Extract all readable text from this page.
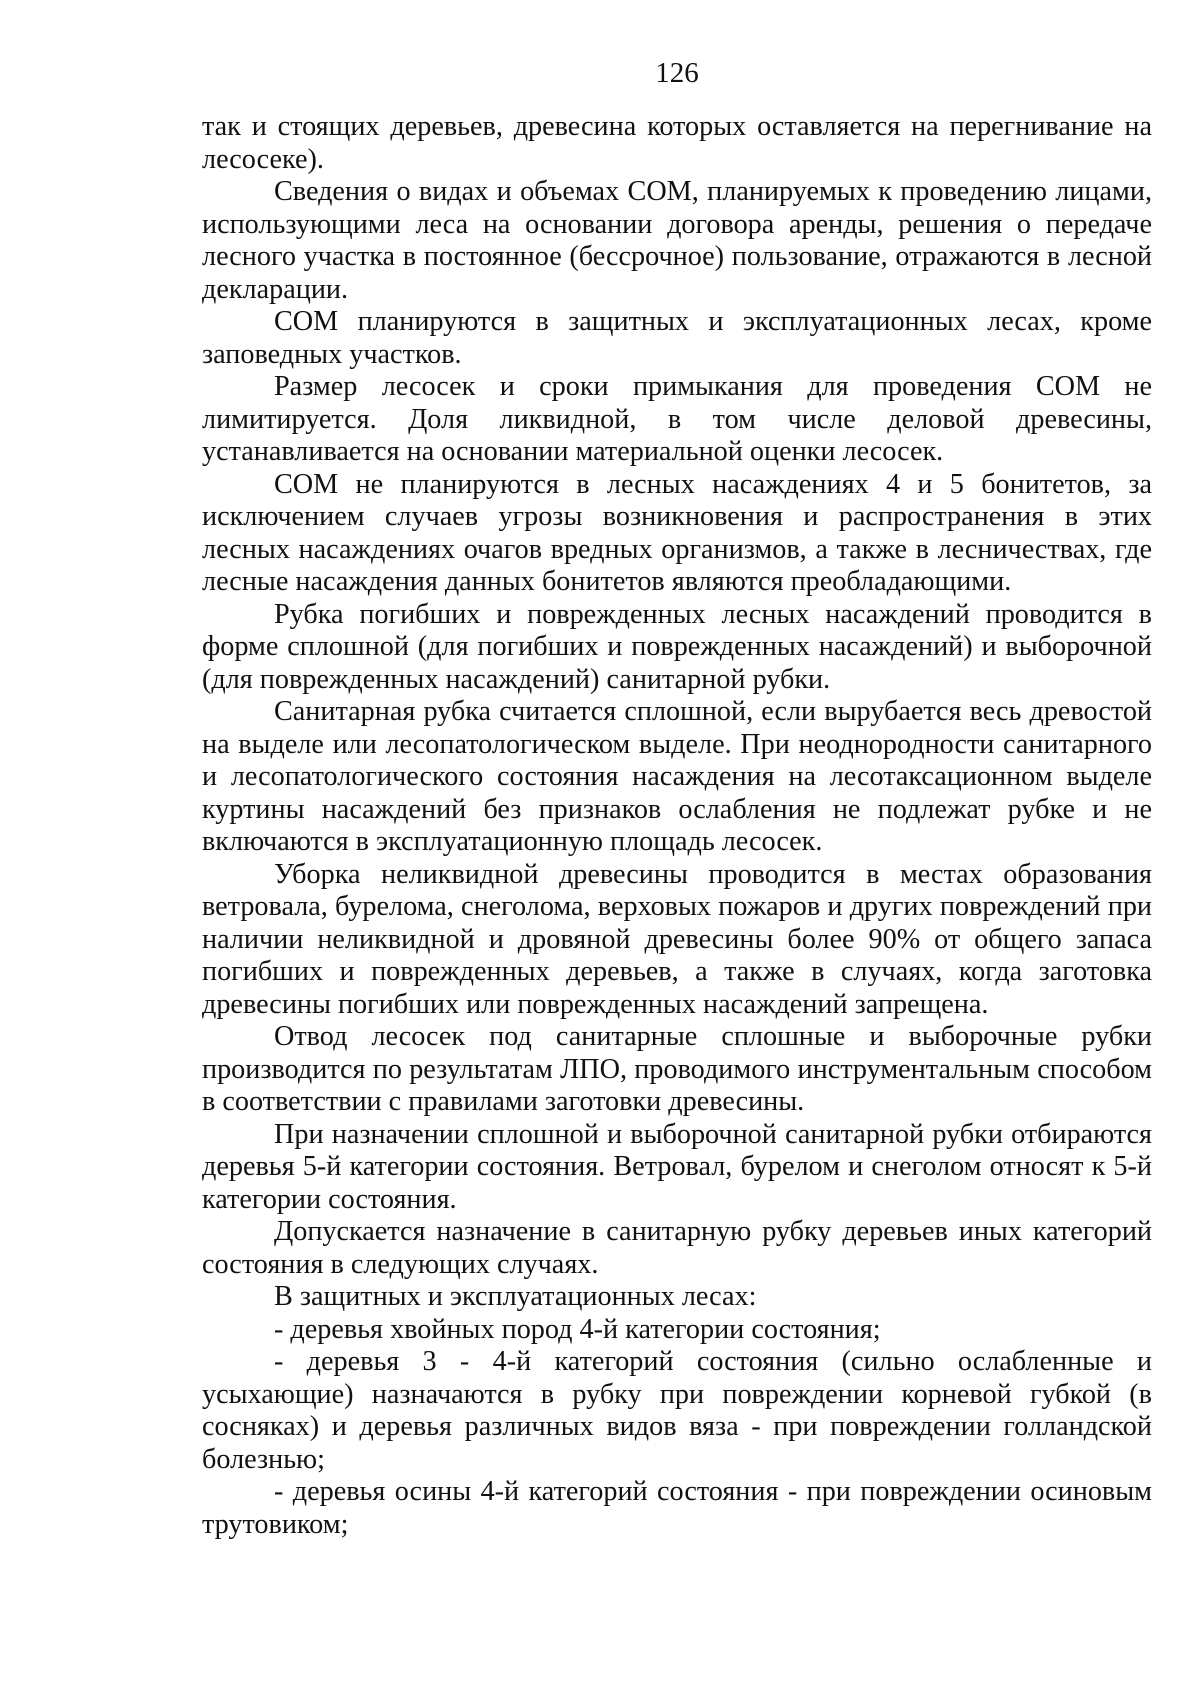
126

так и стоящих деревьев, древесина которых оставляется на перегнивание на лесосеке).

Сведения о видах и объемах СОМ, планируемых к проведению лицами, использующими леса на основании договора аренды, решения о передаче лесного участка в постоянное (бессрочное) пользование, отражаются в лесной декларации.

СОМ планируются в защитных и эксплуатационных лесах, кроме заповедных участков.

Размер лесосек и сроки примыкания для проведения СОМ не лимитируется. Доля ликвидной, в том числе деловой древесины, устанавливается на основании материальной оценки лесосек.

СОМ не планируются в лесных насаждениях 4 и 5 бонитетов, за исключением случаев угрозы возникновения и распространения в этих лесных насаждениях очагов вредных организмов, а также в лесничествах, где лесные насаждения данных бонитетов являются преобладающими.

Рубка погибших и поврежденных лесных насаждений проводится в форме сплошной (для погибших и поврежденных насаждений) и выборочной (для поврежденных насаждений) санитарной рубки.

Санитарная рубка считается сплошной, если вырубается весь древостой на выделе или лесопатологическом выделе. При неоднородности санитарного и лесопатологического состояния насаждения на лесотаксационном выделе куртины насаждений без признаков ослабления не подлежат рубке и не включаются в эксплуатационную площадь лесосек.

Уборка неликвидной древесины проводится в местах образования ветровала, бурелома, снеголома, верховых пожаров и других повреждений при наличии неликвидной и дровяной древесины более 90% от общего запаса погибших и поврежденных деревьев, а также в случаях, когда заготовка древесины погибших или поврежденных насаждений запрещена.

Отвод лесосек под санитарные сплошные и выборочные рубки производится по результатам ЛПО, проводимого инструментальным способом в соответствии с правилами заготовки древесины.

При назначении сплошной и выборочной санитарной рубки отбираются деревья 5-й категории состояния. Ветровал, бурелом и снеголом относят к 5-й категории состояния.

Допускается назначение в санитарную рубку деревьев иных категорий состояния в следующих случаях.

В защитных и эксплуатационных лесах:

- деревья хвойных пород 4-й категории состояния;

- деревья 3 - 4-й категорий состояния (сильно ослабленные и усыхающие) назначаются в рубку при повреждении корневой губкой (в сосняках) и деревья различных видов вяза - при повреждении голландской болезнью;

- деревья осины 4-й категорий состояния - при повреждении осиновым трутовиком;
